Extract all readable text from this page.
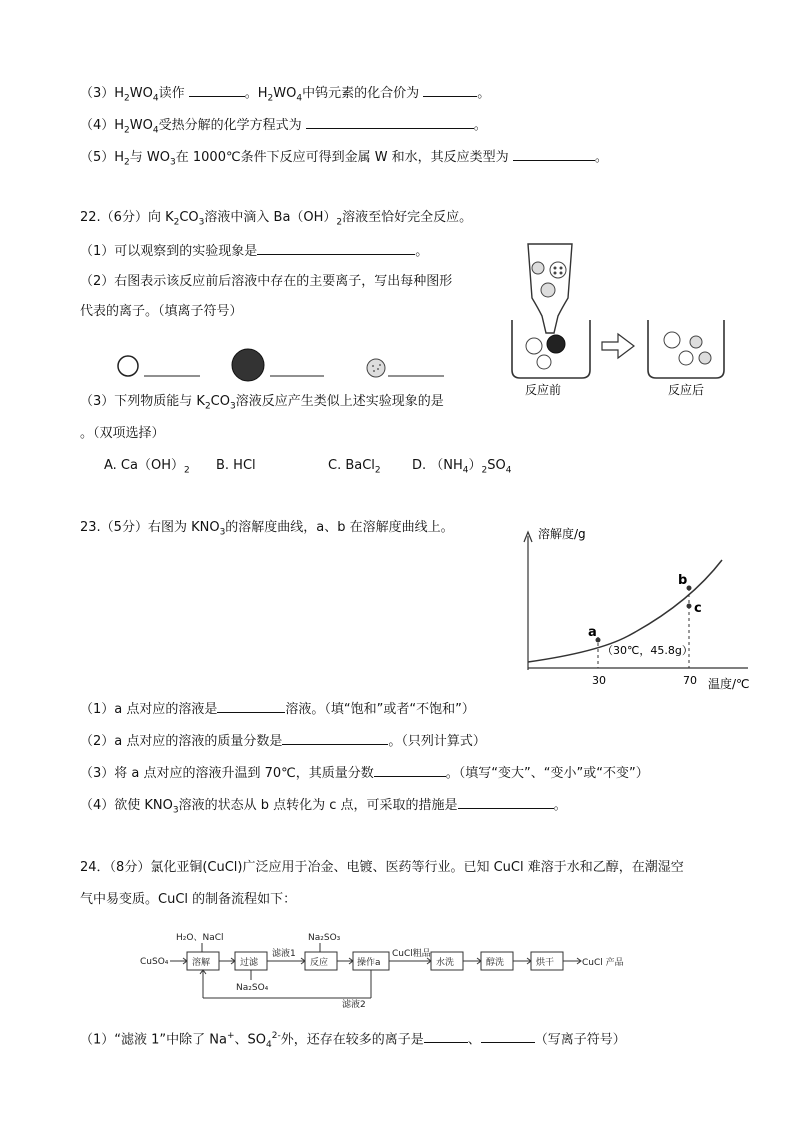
$(3)H_2WO_4$读作	。$H_2WO_4$中钨元素的化合价为	。
$(4)H_2WO_4$受热分解的化学方程式为	。
$(5)H_2$与 $WO_3$在 1000℃条件下反应可得到金属 W 和水，其反应类型为	。
22.（6分）向 $K_2CO_3$溶液中滴入 $Ba(OH)_2$溶液至恰好完全反应。
（1）可以观察到的实验现象是	。
（2）右图表示该反应前后溶液中存在的主要离子，写出每种图形
代表的离子。（填离子符号）
反应前	反应后
（3）下列物质能与 $K_2CO_3$溶液反应产生类似上述实验现象的是
。（双项选择）
A. $Ca(OH)_2$ B. HCl	C. BaCl$_2$ D. $(NH_4)_2SO_4$
23.（5分）右图为 $KNO_3$的溶解度曲线，a、b 在溶解度曲线上。	溶解度/g
a
b
c
（30℃，45.8g）
30	70 温度/℃
（1）a 点对应的溶液是	溶液。（填“饱和”或者“不饱和”）
（2）a 点对应的溶液的质量分数是	。（只列计算式）
（3）将 a 点对应的溶液升温到 70℃，其质量分数	。（填写“变大”、“变小”或“不变”）
（4）欲使 $KNO_3$溶液的状态从 b 点转化为 c 点，可采取的措施是	。
24．（8分）氯化亚铜(CuCl)广泛应用于冶金、电镀、医药等行业。已知 CuCl 难溶于水和乙醇，在潮湿空
气中易变质。CuCl 的制备流程如下：
CuSO₄
H₂O、NaCl
溶解	过滤
Na₂SO₄
滤液1
Na₂SO₃
反应	操作a
CuCl粗品
水洗	醇洗	烘干	CuCl 产品
滤液2
（1）“滤液 1”中除了 Na+、$SO_4^{2-}$外，还存在较多的离子是	、	（写离子符号）
